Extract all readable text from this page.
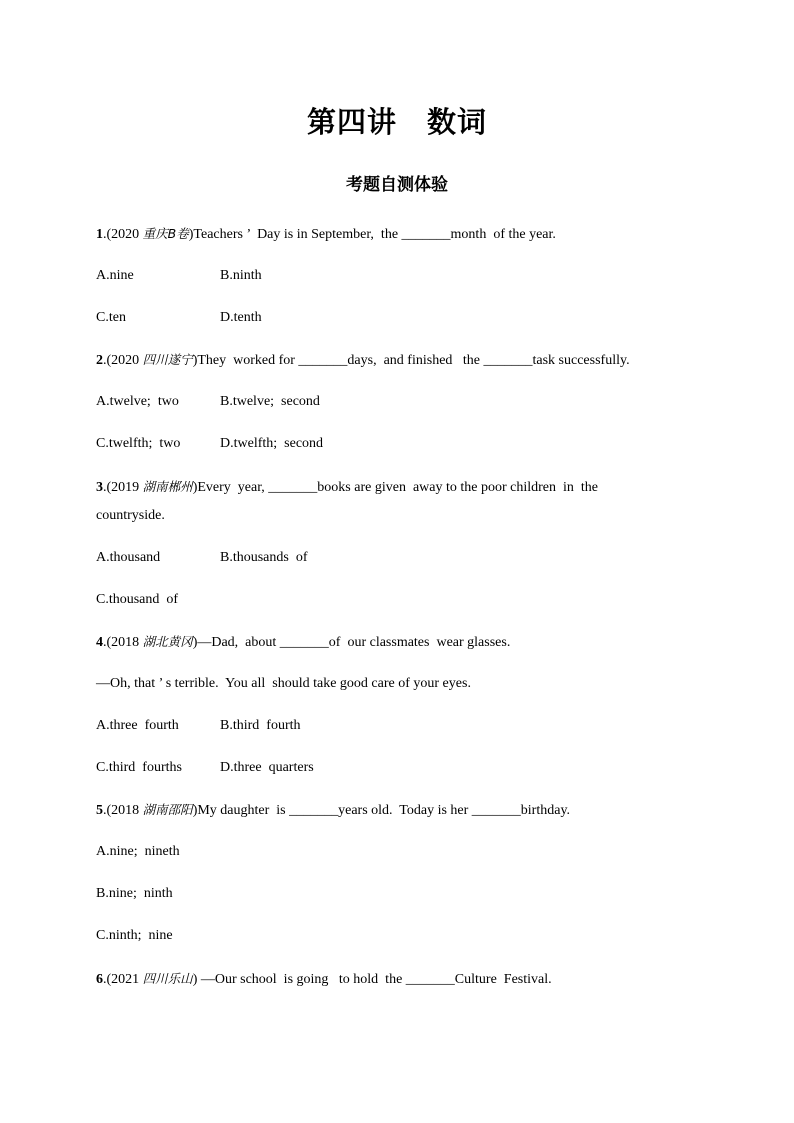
第四讲　数词
考题自测体验
1.(2020 重庆B卷)Teachers ’  Day is in September,  the _______month  of the year.
A.nine	B.ninth
C.ten	D.tenth
2.(2020 四川遂宁)They  worked for _______days,  and finished   the _______task successfully.
A.twelve;  two	B.twelve;  second
C.twelfth;  two	D.twelfth;  second
3.(2019 湖南郴州)Every  year, _______books are given  away to the poor children  in  the
countryside.
A.thousand	B.thousands  of
C.thousand  of
4.(2018 湖北黄冈)—Dad,  about _______of  our classmates  wear glasses.
—Oh, that ’ s terrible.  You all  should take good care of your eyes.
A.three  fourth	B.third  fourth
C.third  fourths	D.three  quarters
5.(2018 湖南邵阳)My daughter  is _______years old.  Today is her _______birthday.
A.nine;  nineth
B.nine;  ninth
C.ninth;  nine
6.(2021 四川乐山) —Our school  is going   to hold  the _______Culture  Festival.
